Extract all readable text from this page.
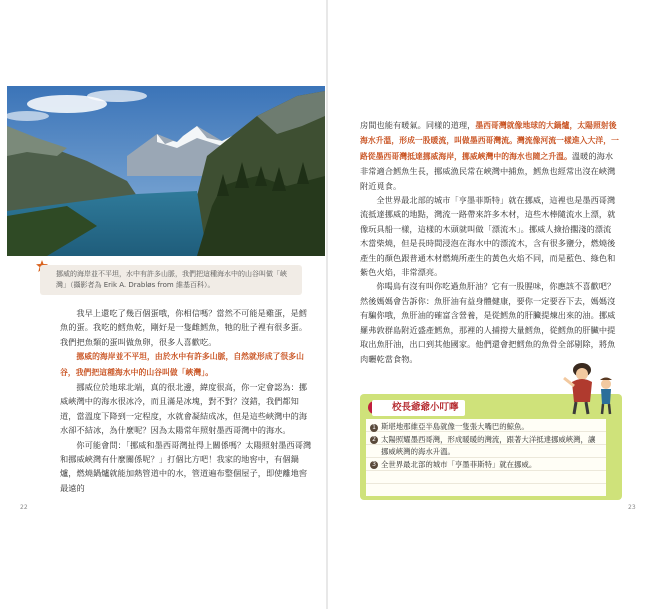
挪威的海岸並不平坦，水中有許多山脈，我們把這種海水中的山谷叫做「峽灣」（攝影者為 Erik A. Drabløs from 維基百科）。

我早上還吃了幾百個蛋哦，你相信嗎？當然不可能是雞蛋，是鱈魚的蛋。我吃的鱈魚乾，剛好是一隻雌鱈魚，牠的肚子裡有很多蛋。我們把魚類的蛋叫做魚卵，很多人喜歡吃。

挪威的海岸並不平坦，由於水中有許多山脈，自然就形成了很多山谷，我們把這種海水中的山谷叫做「峽灣」。

挪威位於地球北端，真的很北邊，緯度很高，你一定會認為：挪威峽灣中的海水很冰冷，而且滿是冰塊，對不對？沒錯，我們都知道，當溫度下降到一定程度，水就會凝結成冰，但是這些峽灣中的海水卻不結冰，為什麼呢？因為太陽常年照射墨西哥灣中的海水。

你可能會問：「挪威和墨西哥灣扯得上關係嗎？太陽照射墨西哥灣和挪威峽灣有什麼關係呢？」打個比方吧！我家的地窖中，有個鍋爐，燃燒鍋爐就能加熱管道中的水，管道遍布整個屋子，即使離地窖最遠的

22

房間也能有暖氣。同樣的道理，墨西哥灣就像地球的大鍋爐，太陽照射後海水升溫，形成一股暖流，叫做墨西哥灣流。灣流像河流一樣進入大洋，一路從墨西哥灣抵達挪威海岸，挪威峽灣中的海水也隨之升溫。溫暖的海水非常適合鱈魚生長，挪威漁民常在峽灣中捕魚，鱈魚也經常出沒在峽灣附近覓食。

全世界最北部的城市「亨墨菲斯特」就在挪威，這裡也是墨西哥灣流抵達挪威的地點，灣流一路帶來許多木材，這些木棒隨流水上漂，就像玩具船一樣，這樣的木頭就叫做「漂流木」。挪威人撿拾擱淺的漂流木當柴燒，但是長時間浸泡在海水中的漂流木，含有很多鹽分，燃燒後產生的顏色跟普通木材燃燒所產生的黃色火焰不同，而是藍色、綠色和紫色火焰，非常漂亮。

你喝鳥有沒有叫你吃過魚肝油？它有一股腥味，你應該不喜歡吧？然後媽媽會告訴你：魚肝油有益身體健康，要你一定要吞下去，媽媽沒有騙你哦，魚肝油的確富含營養，是從鱈魚的肝臟提煉出來的油。挪威羅弗敦群島附近盛產鱈魚，那裡的人捕撈大量鱈魚，從鱈魚的肝臟中提取出魚肝油，出口到其他國家。他們還會把鱈魚的魚骨全部剔除，將魚肉曬乾當食物。

校長爺爺小叮嚀
1 斯堪地那維亞半島就像一隻張大嘴巴的鯨魚。
2 太陽照耀墨西哥灣，形成暖暖的灣流，跟著大洋抵達挪威峽灣，讓挪威峽灣的海水升溫。
3 全世界最北部的城市「亨墨菲斯特」就在挪威。
23
